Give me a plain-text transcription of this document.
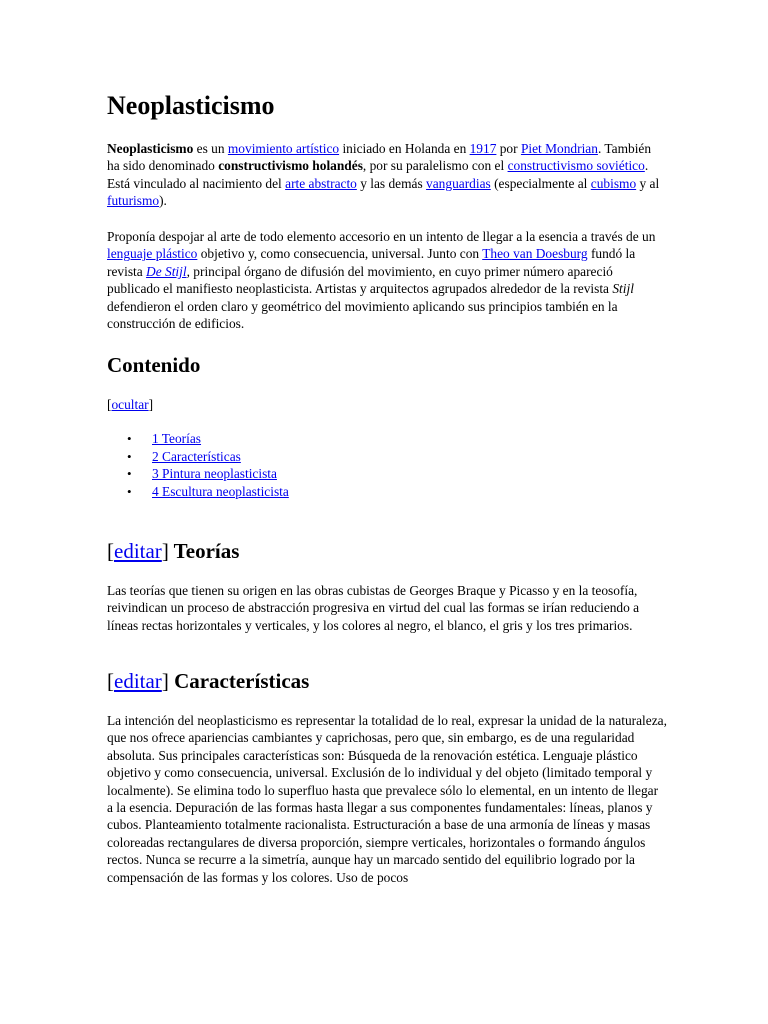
Neoplasticismo

Neoplasticismo es un movimiento artístico iniciado en Holanda en 1917 por Piet Mondrian. También ha sido denominado constructivismo holandés, por su paralelismo con el constructivismo soviético. Está vinculado al nacimiento del arte abstracto y las demás vanguardias (especialmente al cubismo y al futurismo).

Proponía despojar al arte de todo elemento accesorio en un intento de llegar a la esencia a través de un lenguaje plástico objetivo y, como consecuencia, universal. Junto con Theo van Doesburg fundó la revista De Stijl, principal órgano de difusión del movimiento, en cuyo primer número apareció publicado el manifiesto neoplasticista. Artistas y arquitectos agrupados alrededor de la revista Stijl defendieron el orden claro y geométrico del movimiento aplicando sus principios también en la construcción de edificios.

Contenido
[ocultar]
• 1 Teorías
• 2 Características
• 3 Pintura neoplasticista
• 4 Escultura neoplasticista
[editar] Teorías

Las teorías que tienen su origen en las obras cubistas de Georges Braque y Picasso y en la teosofía, reivindican un proceso de abstracción progresiva en virtud del cual las formas se irían reduciendo a líneas rectas horizontales y verticales, y los colores al negro, el blanco, el gris y los tres primarios.

[editar] Características

La intención del neoplasticismo es representar la totalidad de lo real, expresar la unidad de la naturaleza, que nos ofrece apariencias cambiantes y caprichosas, pero que, sin embargo, es de una regularidad absoluta. Sus principales características son: Búsqueda de la renovación estética. Lenguaje plástico objetivo y como consecuencia, universal. Exclusión de lo individual y del objeto (limitado temporal y localmente). Se elimina todo lo superfluo hasta que prevalece sólo lo elemental, en un intento de llegar a la esencia. Depuración de las formas hasta llegar a sus componentes fundamentales: líneas, planos y cubos. Planteamiento totalmente racionalista. Estructuración a base de una armonía de líneas y masas coloreadas rectangulares de diversa proporción, siempre verticales, horizontales o formando ángulos rectos. Nunca se recurre a la simetría, aunque hay un marcado sentido del equilibrio logrado por la compensación de las formas y los colores. Uso de pocos
